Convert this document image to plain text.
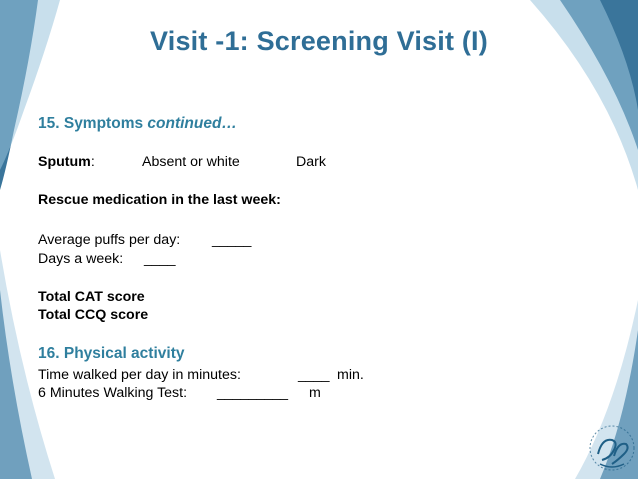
Visit -1: Screening Visit (I)
15. Symptoms continued…
Sputum:	Absent or white	Dark
Rescue medication in the last week:
Average puffs per day: _____
Days a week: ____
Total CAT score
Total CCQ score
16. Physical activity
Time walked per day in minutes:	____ min.
6 Minutes Walking Test: _________ m
